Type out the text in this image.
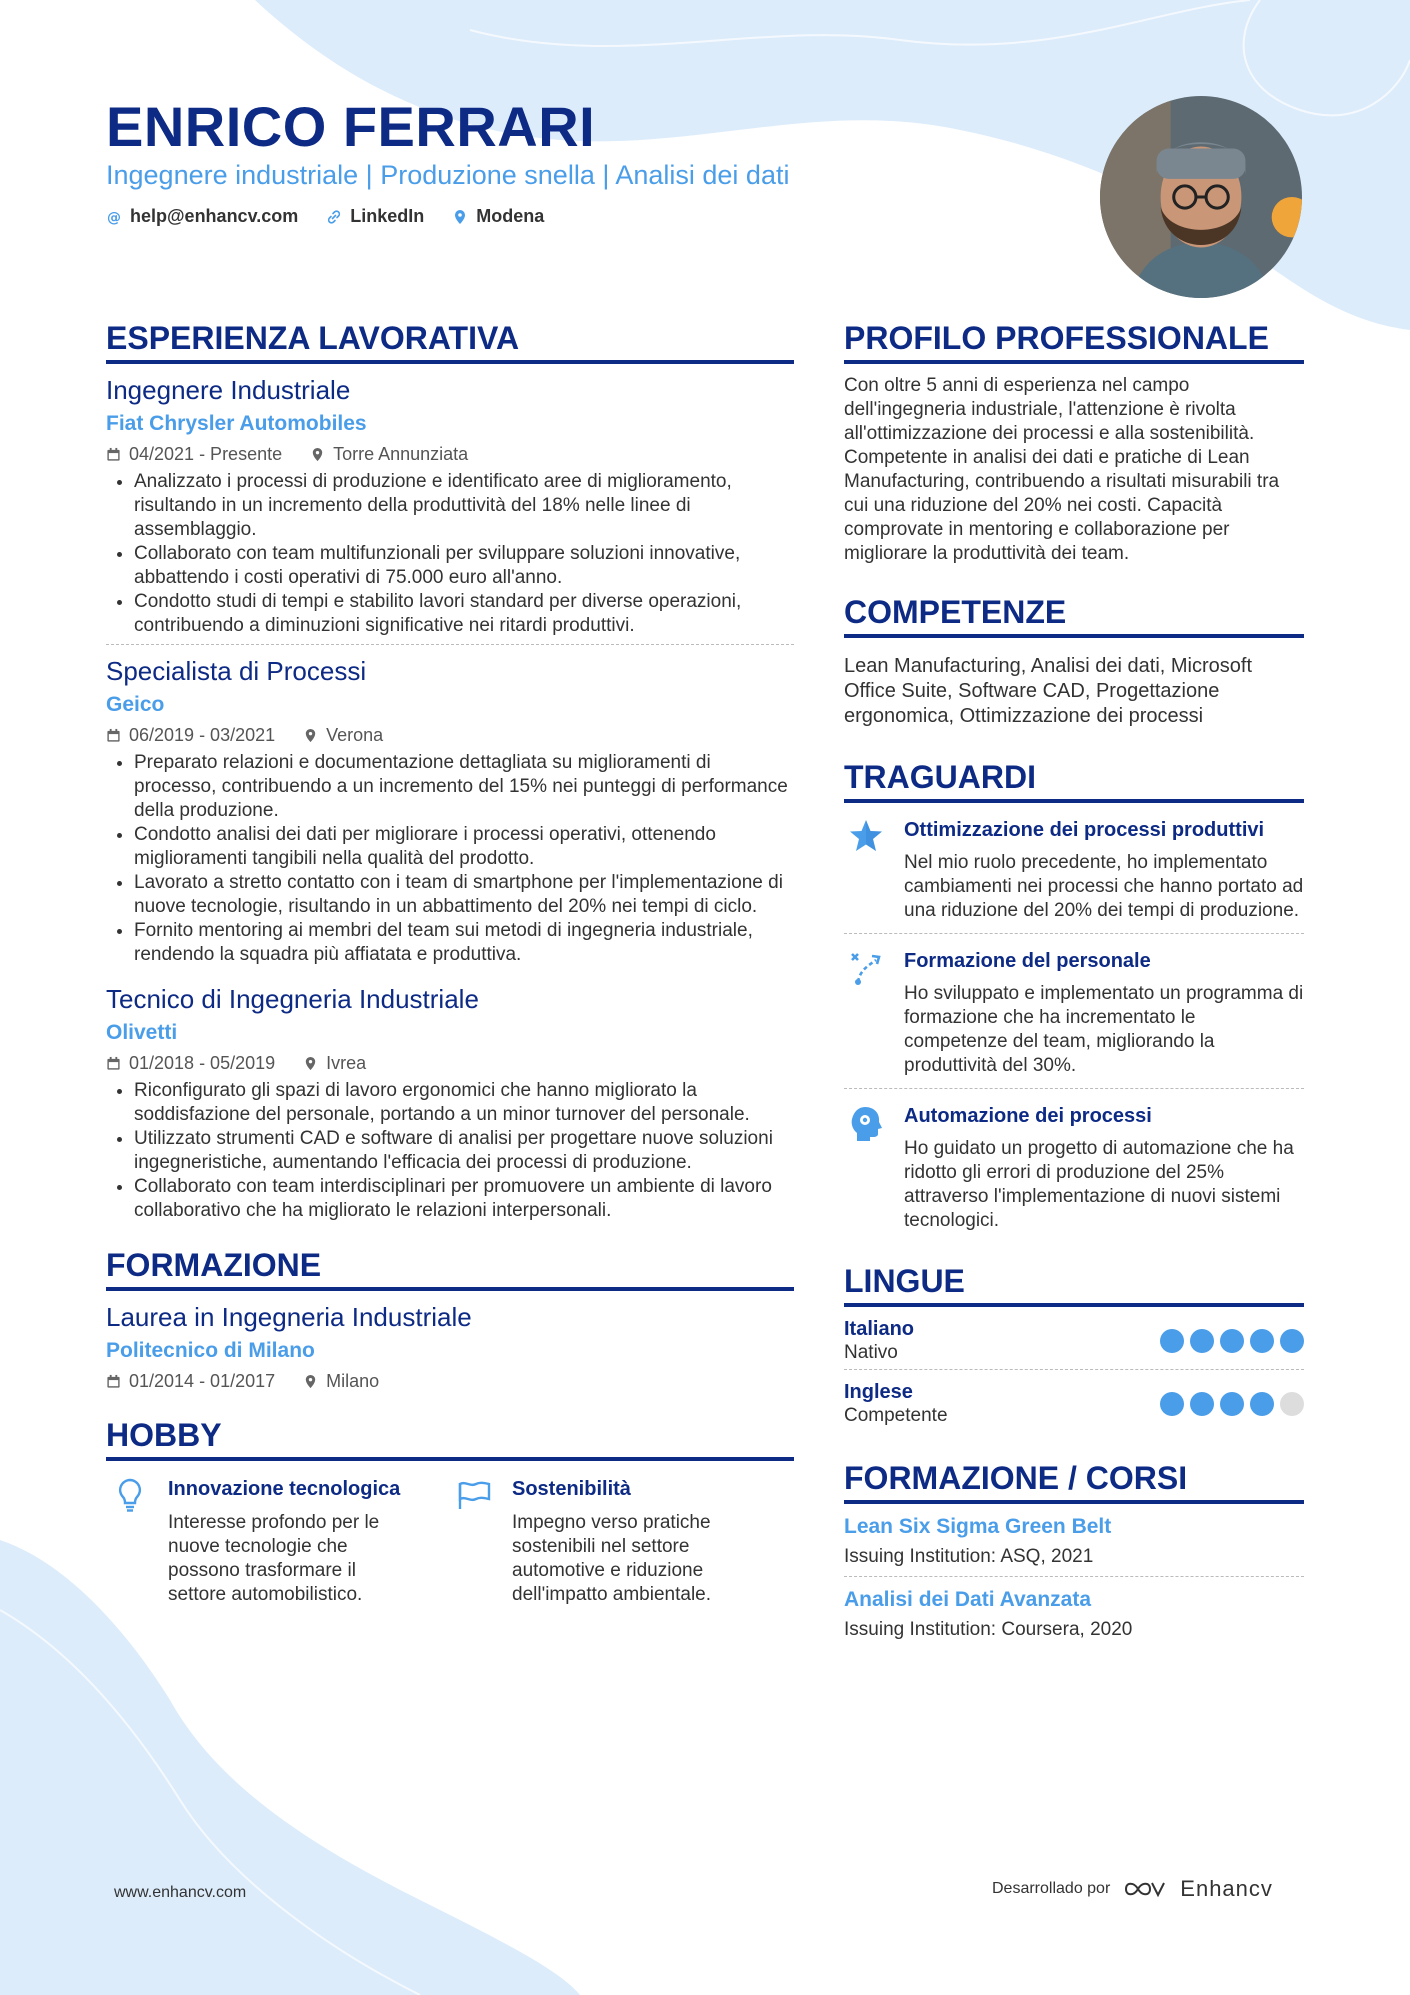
ENRICO FERRARI
Ingegnere industriale | Produzione snella | Analisi dei dati
@ help@enhancv.com	LinkedIn	Modena
ESPERIENZA LAVORATIVA
Ingegnere Industriale
Fiat Chrysler Automobiles
04/2021 - Presente	Torre Annunziata
• Analizzato i processi di produzione e identificato aree di miglioramento, risultando in un incremento della produttività del 18% nelle linee di assemblaggio.
• Collaborato con team multifunzionali per sviluppare soluzioni innovative, abbattendo i costi operativi di 75.000 euro all'anno.
• Condotto studi di tempi e stabilito lavori standard per diverse operazioni, contribuendo a diminuzioni significative nei ritardi produttivi.
Specialista di Processi
Geico
06/2019 - 03/2021	Verona
• Preparato relazioni e documentazione dettagliata su miglioramenti di processo, contribuendo a un incremento del 15% nei punteggi di performance della produzione.
• Condotto analisi dei dati per migliorare i processi operativi, ottenendo miglioramenti tangibili nella qualità del prodotto.
• Lavorato a stretto contatto con i team di smartphone per l'implementazione di nuove tecnologie, risultando in un abbattimento del 20% nei tempi di ciclo.
• Fornito mentoring ai membri del team sui metodi di ingegneria industriale, rendendo la squadra più affiatata e produttiva.
Tecnico di Ingegneria Industriale
Olivetti
01/2018 - 05/2019	Ivrea
• Riconfigurato gli spazi di lavoro ergonomici che hanno migliorato la soddisfazione del personale, portando a un minor turnover del personale.
• Utilizzato strumenti CAD e software di analisi per progettare nuove soluzioni ingegneristiche, aumentando l'efficacia dei processi di produzione.
• Collaborato con team interdisciplinari per promuovere un ambiente di lavoro collaborativo che ha migliorato le relazioni interpersonali.
FORMAZIONE
Laurea in Ingegneria Industriale
Politecnico di Milano
01/2014 - 01/2017	Milano
HOBBY
Innovazione tecnologica
Interesse profondo per le nuove tecnologie che possono trasformare il settore automobilistico.
Sostenibilità
Impegno verso pratiche sostenibili nel settore automotive e riduzione dell'impatto ambientale.
PROFILO PROFESSIONALE
Con oltre 5 anni di esperienza nel campo dell'ingegneria industriale, l'attenzione è rivolta all'ottimizzazione dei processi e alla sostenibilità. Competente in analisi dei dati e pratiche di Lean Manufacturing, contribuendo a risultati misurabili tra cui una riduzione del 20% nei costi. Capacità comprovate in mentoring e collaborazione per migliorare la produttività dei team.
COMPETENZE
Lean Manufacturing, Analisi dei dati, Microsoft Office Suite, Software CAD, Progettazione ergonomica, Ottimizzazione dei processi
TRAGUARDI
Ottimizzazione dei processi produttivi
Nel mio ruolo precedente, ho implementato cambiamenti nei processi che hanno portato ad una riduzione del 20% dei tempi di produzione.
Formazione del personale
Ho sviluppato e implementato un programma di formazione che ha incrementato le competenze del team, migliorando la produttività del 30%.
Automazione dei processi
Ho guidato un progetto di automazione che ha ridotto gli errori di produzione del 25% attraverso l'implementazione di nuovi sistemi tecnologici.
LINGUE
Italiano
Nativo
Inglese
Competente
FORMAZIONE / CORSI
Lean Six Sigma Green Belt
Issuing Institution: ASQ, 2021
Analisi dei Dati Avanzata
Issuing Institution: Coursera, 2020
www.enhancv.com	Desarrollado por	Enhancv
